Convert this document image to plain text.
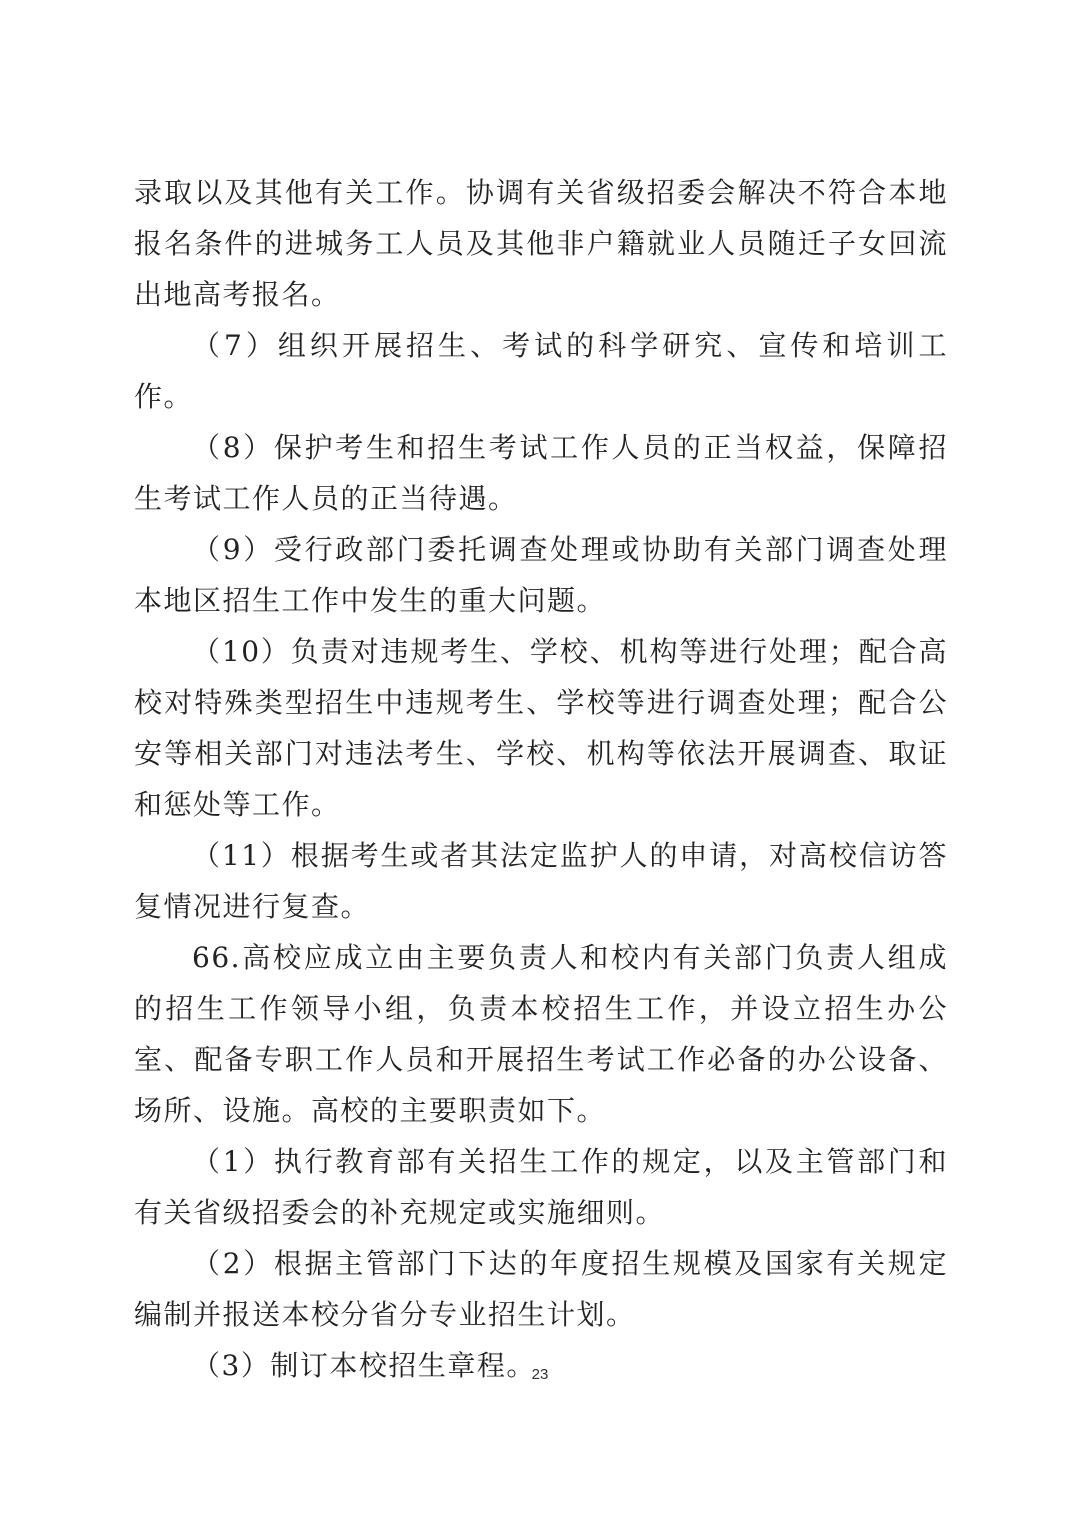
录取以及其他有关工作。协调有关省级招委会解决不符合本地报名条件的进城务工人员及其他非户籍就业人员随迁子女回流出地高考报名。

（7）组织开展招生、考试的科学研究、宣传和培训工作。

（8）保护考生和招生考试工作人员的正当权益，保障招生考试工作人员的正当待遇。

（9）受行政部门委托调查处理或协助有关部门调查处理本地区招生工作中发生的重大问题。

（10）负责对违规考生、学校、机构等进行处理；配合高校对特殊类型招生中违规考生、学校等进行调查处理；配合公安等相关部门对违法考生、学校、机构等依法开展调查、取证和惩处等工作。

（11）根据考生或者其法定监护人的申请，对高校信访答复情况进行复查。

66.高校应成立由主要负责人和校内有关部门负责人组成的招生工作领导小组，负责本校招生工作，并设立招生办公室、配备专职工作人员和开展招生考试工作必备的办公设备、场所、设施。高校的主要职责如下。

（1）执行教育部有关招生工作的规定，以及主管部门和有关省级招委会的补充规定或实施细则。

（2）根据主管部门下达的年度招生规模及国家有关规定编制并报送本校分省分专业招生计划。

（3）制订本校招生章程。

23
